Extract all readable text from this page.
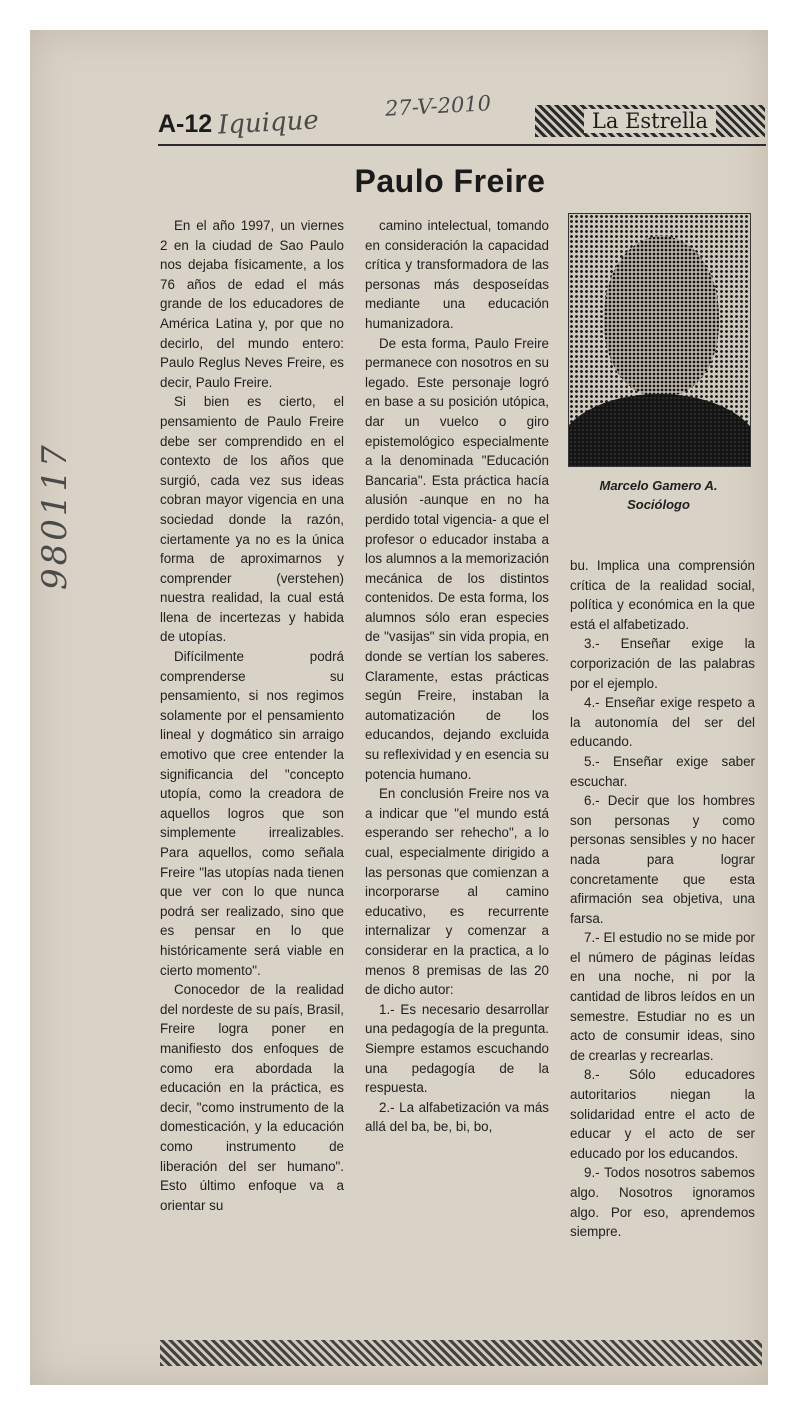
A-12 Iquique	27-V-2010
La Estrella
980117
Paulo Freire

En el año 1997, un viernes 2 en la ciudad de Sao Paulo nos dejaba físicamente, a los 76 años de edad el más grande de los educadores de América Latina y, por que no decirlo, del mundo entero: Paulo Reglus Neves Freire, es decir, Paulo Freire.

Si bien es cierto, el pensamiento de Paulo Freire debe ser comprendido en el contexto de los años que surgió, cada vez sus ideas cobran mayor vigencia en una sociedad donde la razón, ciertamente ya no es la única forma de aproximarnos y comprender (verstehen) nuestra realidad, la cual está llena de incertezas y habida de utopías.

Difícilmente podrá comprenderse su pensamiento, si nos regimos solamente por el pensamiento lineal y dogmático sin arraigo emotivo que cree entender la significancia del "concepto utopía, como la creadora de aquellos logros que son simplemente irrealizables. Para aquellos, como señala Freire "las utopías nada tienen que ver con lo que nunca podrá ser realizado, sino que es pensar en lo que históricamente será viable en cierto momento".

Conocedor de la realidad del nordeste de su país, Brasil, Freire logra poner en manifiesto dos enfoques de como era abordada la educación en la práctica, es decir, "como instrumento de la domesticación, y la educación como instrumento de liberación del ser humano". Esto último enfoque va a orientar su

camino intelectual, tomando en consideración la capacidad crítica y transformadora de las personas más desposeídas mediante una educación humanizadora.

De esta forma, Paulo Freire permanece con nosotros en su legado. Este personaje logró en base a su posición utópica, dar un vuelco o giro epistemológico especialmente a la denominada "Educación Bancaria". Esta práctica hacía alusión -aunque en no ha perdido total vigencia- a que el profesor o educador instaba a los alumnos a la memorización mecánica de los distintos contenidos. De esta forma, los alumnos sólo eran especies de "vasijas" sin vida propia, en donde se vertían los saberes. Claramente, estas prácticas según Freire, instaban la automatización de los educandos, dejando excluida su reflexividad y en esencia su potencia humano.

En conclusión Freire nos va a indicar que "el mundo está esperando ser rehecho", a lo cual, especialmente dirigido a las personas que comienzan a incorporarse al camino educativo, es recurrente internalizar y comenzar a considerar en la practica, a lo menos 8 premisas de las 20 de dicho autor:

1.- Es necesario desarrollar una pedagogía de la pregunta. Siempre estamos escuchando una pedagogía de la respuesta.

2.- La alfabetización va más allá del ba, be, bi, bo,

Marcelo Gamero A.
Sociólogo

bu. Implica una comprensión crítica de la realidad social, política y económica en la que está el alfabetizado.

3.- Enseñar exige la corporización de las palabras por el ejemplo.

4.- Enseñar exige respeto a la autonomía del ser del educando.

5.- Enseñar exige saber escuchar.

6.- Decir que los hombres son personas y como personas sensibles y no hacer nada para lograr concretamente que esta afirmación sea objetiva, una farsa.

7.- El estudio no se mide por el número de páginas leídas en una noche, ni por la cantidad de libros leídos en un semestre. Estudiar no es un acto de consumir ideas, sino de crearlas y recrearlas.

8.- Sólo educadores autoritarios niegan la solidaridad entre el acto de educar y el acto de ser educado por los educandos.

9.- Todos nosotros sabemos algo. Nosotros ignoramos algo. Por eso, aprendemos siempre.
